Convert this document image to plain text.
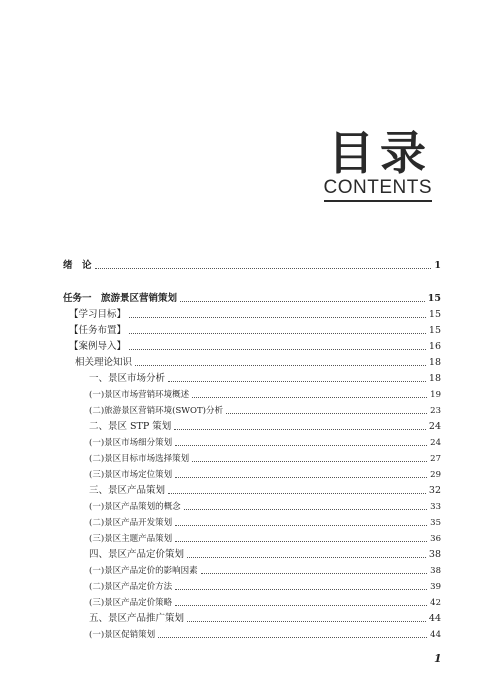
目录
CONTENTS
绪　论	1
任务一　旅游景区营销策划	15
【学习目标】	15
【任务布置】	15
【案例导入】	16
相关理论知识	18
一、景区市场分析	18
(一)景区市场营销环境概述	19
(二)旅游景区营销环境(SWOT)分析	23
二、景区 STP 策划	24
(一)景区市场细分策划	24
(二)景区目标市场选择策划	27
(三)景区市场定位策划	29
三、景区产品策划	32
(一)景区产品策划的概念	33
(二)景区产品开发策划	35
(三)景区主题产品策划	36
四、景区产品定价策划	38
(一)景区产品定价的影响因素	38
(二)景区产品定价方法	39
(三)景区产品定价策略	42
五、景区产品推广策划	44
(一)景区促销策划	44
1
